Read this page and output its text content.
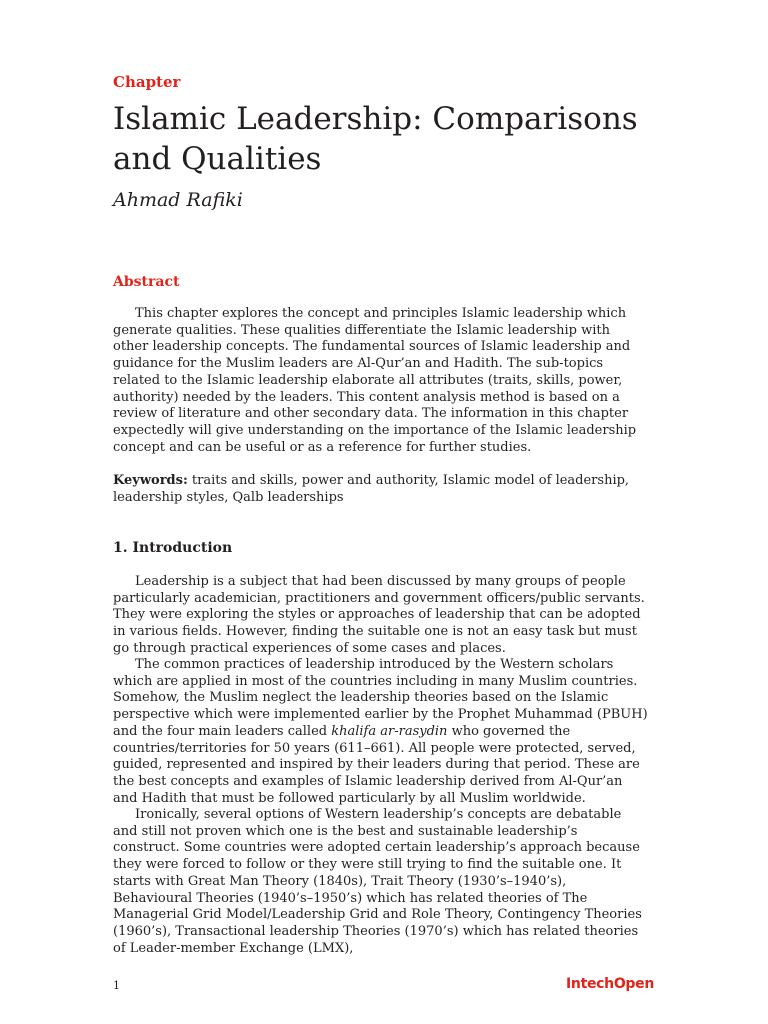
Chapter
Islamic Leadership: Comparisons and Qualities
Ahmad Rafiki
Abstract

This chapter explores the concept and principles Islamic leadership which generate qualities. These qualities differentiate the Islamic leadership with other leadership concepts. The fundamental sources of Islamic leadership and guidance for the Muslim leaders are Al-Qur’an and Hadith. The sub-topics related to the Islamic leadership elaborate all attributes (traits, skills, power, authority) needed by the leaders. This content analysis method is based on a review of literature and other secondary data. The information in this chapter expectedly will give understanding on the importance of the Islamic leadership concept and can be useful or as a reference for further studies.

Keywords: traits and skills, power and authority, Islamic model of leadership, leadership styles, Qalb leaderships

1. Introduction

Leadership is a subject that had been discussed by many groups of people particularly academician, practitioners and government officers/public servants. They were exploring the styles or approaches of leadership that can be adopted in various fields. However, finding the suitable one is not an easy task but must go through practical experiences of some cases and places.

The common practices of leadership introduced by the Western scholars which are applied in most of the countries including in many Muslim countries. Somehow, the Muslim neglect the leadership theories based on the Islamic perspective which were implemented earlier by the Prophet Muhammad (PBUH) and the four main leaders called khalifa ar-rasydin who governed the countries/territories for 50 years (611–661). All people were protected, served, guided, represented and inspired by their leaders during that period. These are the best concepts and examples of Islamic leadership derived from Al-Qur’an and Hadith that must be followed particularly by all Muslim worldwide.

Ironically, several options of Western leadership’s concepts are debatable and still not proven which one is the best and sustainable leadership’s construct. Some countries were adopted certain leadership’s approach because they were forced to follow or they were still trying to find the suitable one. It starts with Great Man Theory (1840s), Trait Theory (1930’s–1940’s), Behavioural Theories (1940’s–1950’s) which has related theories of The Managerial Grid Model/Leadership Grid and Role Theory, Contingency Theories (1960’s), Transactional leadership Theories (1970’s) which has related theories of Leader-member Exchange (LMX),

1	IntechOpen
